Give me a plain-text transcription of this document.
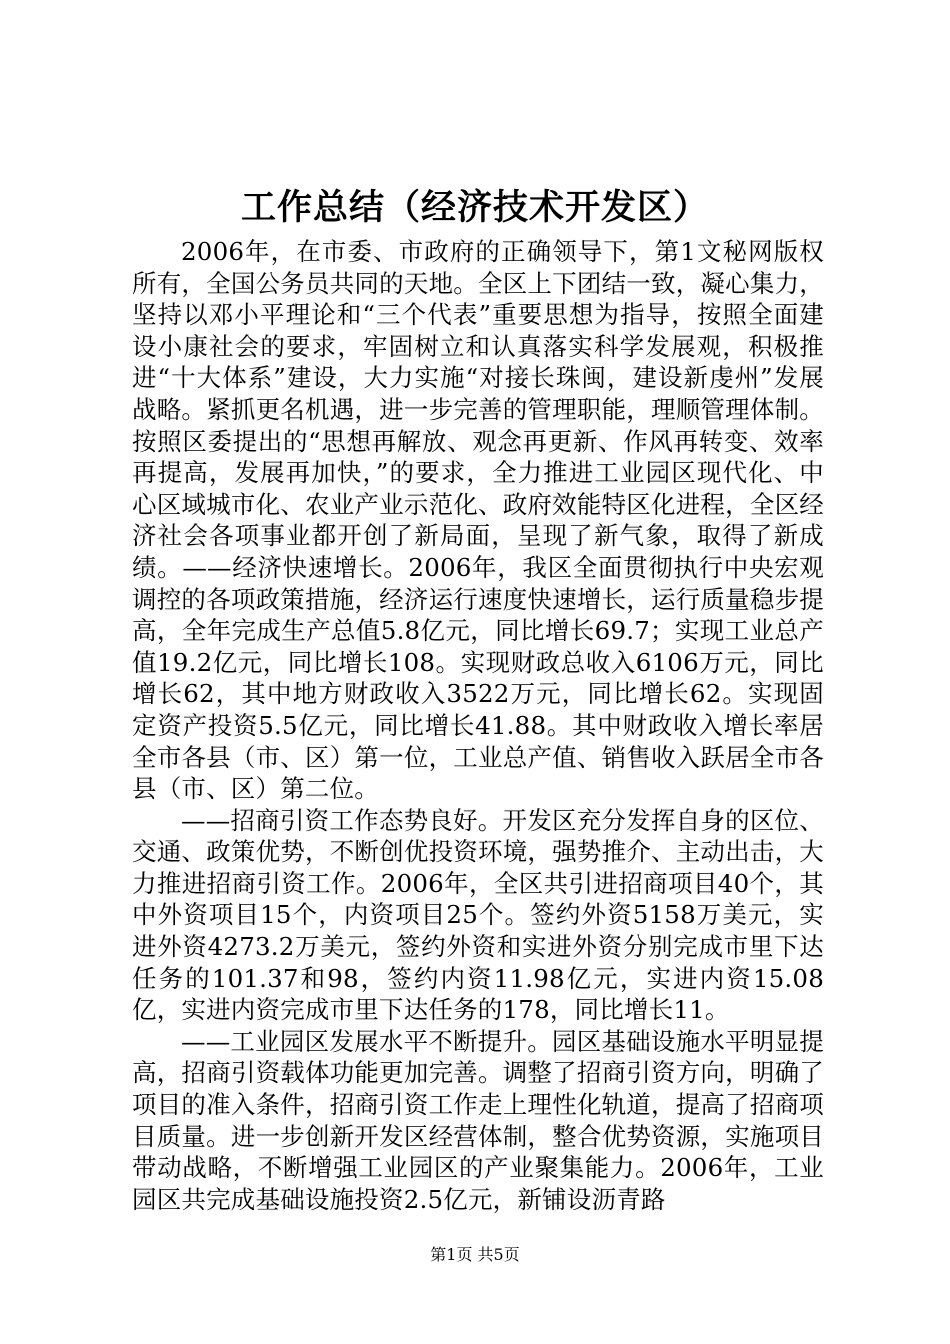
工作总结（经济技术开发区）

2006年，在市委、市政府的正确领导下，第1文秘网版权所有，全国公务员共同的天地。全区上下团结一致，凝心集力，坚持以邓小平理论和“三个代表”重要思想为指导，按照全面建设小康社会的要求，牢固树立和认真落实科学发展观，积极推进“十大体系”建设，大力实施“对接长珠闽，建设新虔州”发展战略。紧抓更名机遇，进一步完善的管理职能，理顺管理体制。按照区委提出的“思想再解放、观念再更新、作风再转变、效率再提高，发展再加快，”的要求，全力推进工业园区现代化、中心区域城市化、农业产业示范化、政府效能特区化进程，全区经济社会各项事业都开创了新局面，呈现了新气象，取得了新成绩。——经济快速增长。2006年，我区全面贯彻执行中央宏观调控的各项政策措施，经济运行速度快速增长，运行质量稳步提高，全年完成生产总值5.8亿元，同比增长69.7；实现工业总产值19.2亿元，同比增长108。实现财政总收入6106万元，同比增长62，其中地方财政收入3522万元，同比增长62。实现固定资产投资5.5亿元，同比增长41.88。其中财政收入增长率居全市各县（市、区）第一位，工业总产值、销售收入跃居全市各县（市、区）第二位。

——招商引资工作态势良好。开发区充分发挥自身的区位、交通、政策优势，不断创优投资环境，强势推介、主动出击，大力推进招商引资工作。2006年，全区共引进招商项目40个，其中外资项目15个，内资项目25个。签约外资5158万美元，实进外资4273.2万美元，签约外资和实进外资分别完成市里下达任务的101.37和98，签约内资11.98亿元，实进内资15.08亿，实进内资完成市里下达任务的178，同比增长11。

——工业园区发展水平不断提升。园区基础设施水平明显提高，招商引资载体功能更加完善。调整了招商引资方向，明确了项目的准入条件，招商引资工作走上理性化轨道，提高了招商项目质量。进一步创新开发区经营体制，整合优势资源，实施项目带动战略，不断增强工业园区的产业聚集能力。2006年，工业园区共完成基础设施投资2.5亿元，新铺设沥青路

第1页 共5页
